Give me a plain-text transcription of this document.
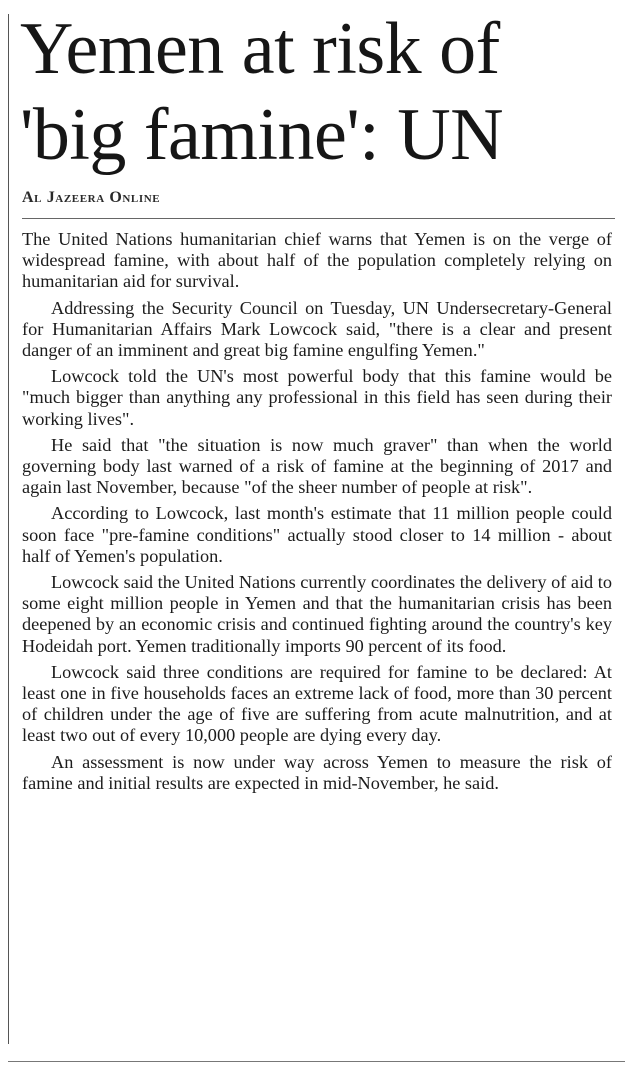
Yemen at risk of
'big famine': UN
Al Jazeera Online

The United Nations humanitarian chief warns that Yemen is on the verge of widespread famine, with about half of the population completely relying on humanitarian aid for survival.

Addressing the Security Council on Tuesday, UN Undersecretary-General for Humanitarian Affairs Mark Lowcock said, "there is a clear and present danger of an imminent and great big famine engulfing Yemen."

Lowcock told the UN's most powerful body that this famine would be "much bigger than anything any professional in this field has seen during their working lives".

He said that "the situation is now much graver" than when the world governing body last warned of a risk of famine at the beginning of 2017 and again last November, because "of the sheer number of people at risk".

According to Lowcock, last month's estimate that 11 million people could soon face "pre-famine conditions" actually stood closer to 14 million - about half of Yemen's population.

Lowcock said the United Nations currently coordinates the delivery of aid to some eight million people in Yemen and that the humanitarian crisis has been deepened by an economic crisis and continued fighting around the country's key Hodeidah port. Yemen traditionally imports 90 percent of its food.

Lowcock said three conditions are required for famine to be declared: At least one in five households faces an extreme lack of food, more than 30 percent of children under the age of five are suffering from acute malnutrition, and at least two out of every 10,000 people are dying every day.

An assessment is now under way across Yemen to measure the risk of famine and initial results are expected in mid-November, he said.
